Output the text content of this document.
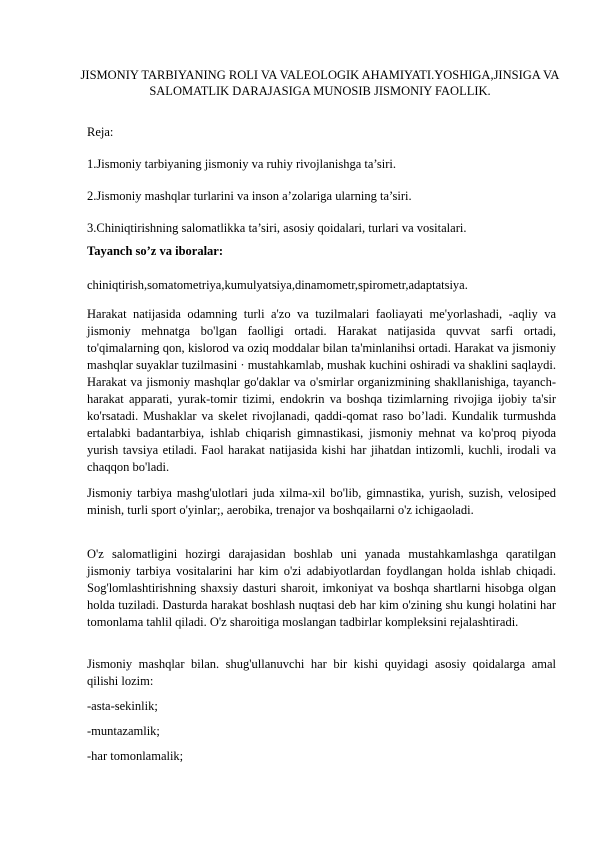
JISMONIY TARBIYANING ROLI VA VALEOLOGIK AHAMIYATI.YOSHIGA,JINSIGA VA SALOMATLIK DARAJASIGA MUNOSIB JISMONIY FAOLLIK.

Reja:

1.Jismoniy tarbiyaning jismoniy va ruhiy rivojlanishga ta’siri.

2.Jismoniy mashqlar turlarini va inson a’zolariga ularning ta’siri.

3.Chiniqtirishning salomatlikka ta’siri, asosiy qoidalari, turlari va vositalari.

Tayanch so’z va iboralar:

chiniqtirish,somatometriya,kumulyatsiya,dinamometr,spirometr,adaptatsiya.

Harakat natijasida odamning turli a'zo va tuzilmalari faoliayati me'yorlashadi, -aqliy va jismoniy mehnatga bo'lgan faolligi ortadi. Harakat natijasida quvvat sarfi ortadi, to'qimalarning qon, kislorod va oziq moddalar bilan ta'minlanihsi ortadi. Harakat va jismoniy mashqlar suyaklar tuzilmasini · mustahkamlab, mushak kuchini oshiradi va shaklini saqlaydi. Harakat va jismoniy mashqlar go'daklar va o'smirlar organizmining shakllanishiga, tayanch-harakat apparati, yurak-tomir tizimi, endokrin va boshqa tizimlarning rivojiga ijobiy ta'sir ko'rsatadi. Mushaklar va skelet rivojlanadi, qaddi-qomat raso bo’ladi. Kundalik turmushda ertalabki badantarbiya, ishlab chiqarish gimnastikasi, jismoniy mehnat va ko'proq piyoda yurish tavsiya etiladi. Faol harakat natijasida kishi har jihatdan intizomli, kuchli, irodali va chaqqon bo'ladi.

Jismoniy tarbiya mashg'ulotlari juda xilma-xil bo'lib, gimnastika, yurish, suzish, velosiped minish, turli sport o'yinlar;, aerobika, trenajor va boshqailarni o'z ichigaoladi.

O'z salomatligini hozirgi darajasidan boshlab uni yanada mustahkamlashga qaratilgan jismoniy tarbiya vositalarini har kim o'zi adabiyotlardan foydlangan holda ishlab chiqadi. Sog'lomlashtirishning shaxsiy dasturi sharoit, imkoniyat va boshqa shartlarni hisobga olgan holda tuziladi. Dasturda harakat boshlash nuqtasi deb har kim o'zining shu kungi holatini har tomonlama tahlil qiladi. O'z sharoitiga moslangan tadbirlar kompleksini rejalashtiradi.

Jismoniy mashqlar bilan. shug'ullanuvchi har bir kishi quyidagi asosiy qoidalarga amal qilishi lozim:

-asta-sekinlik;

-muntazamlik;

-har tomonlamalik;
